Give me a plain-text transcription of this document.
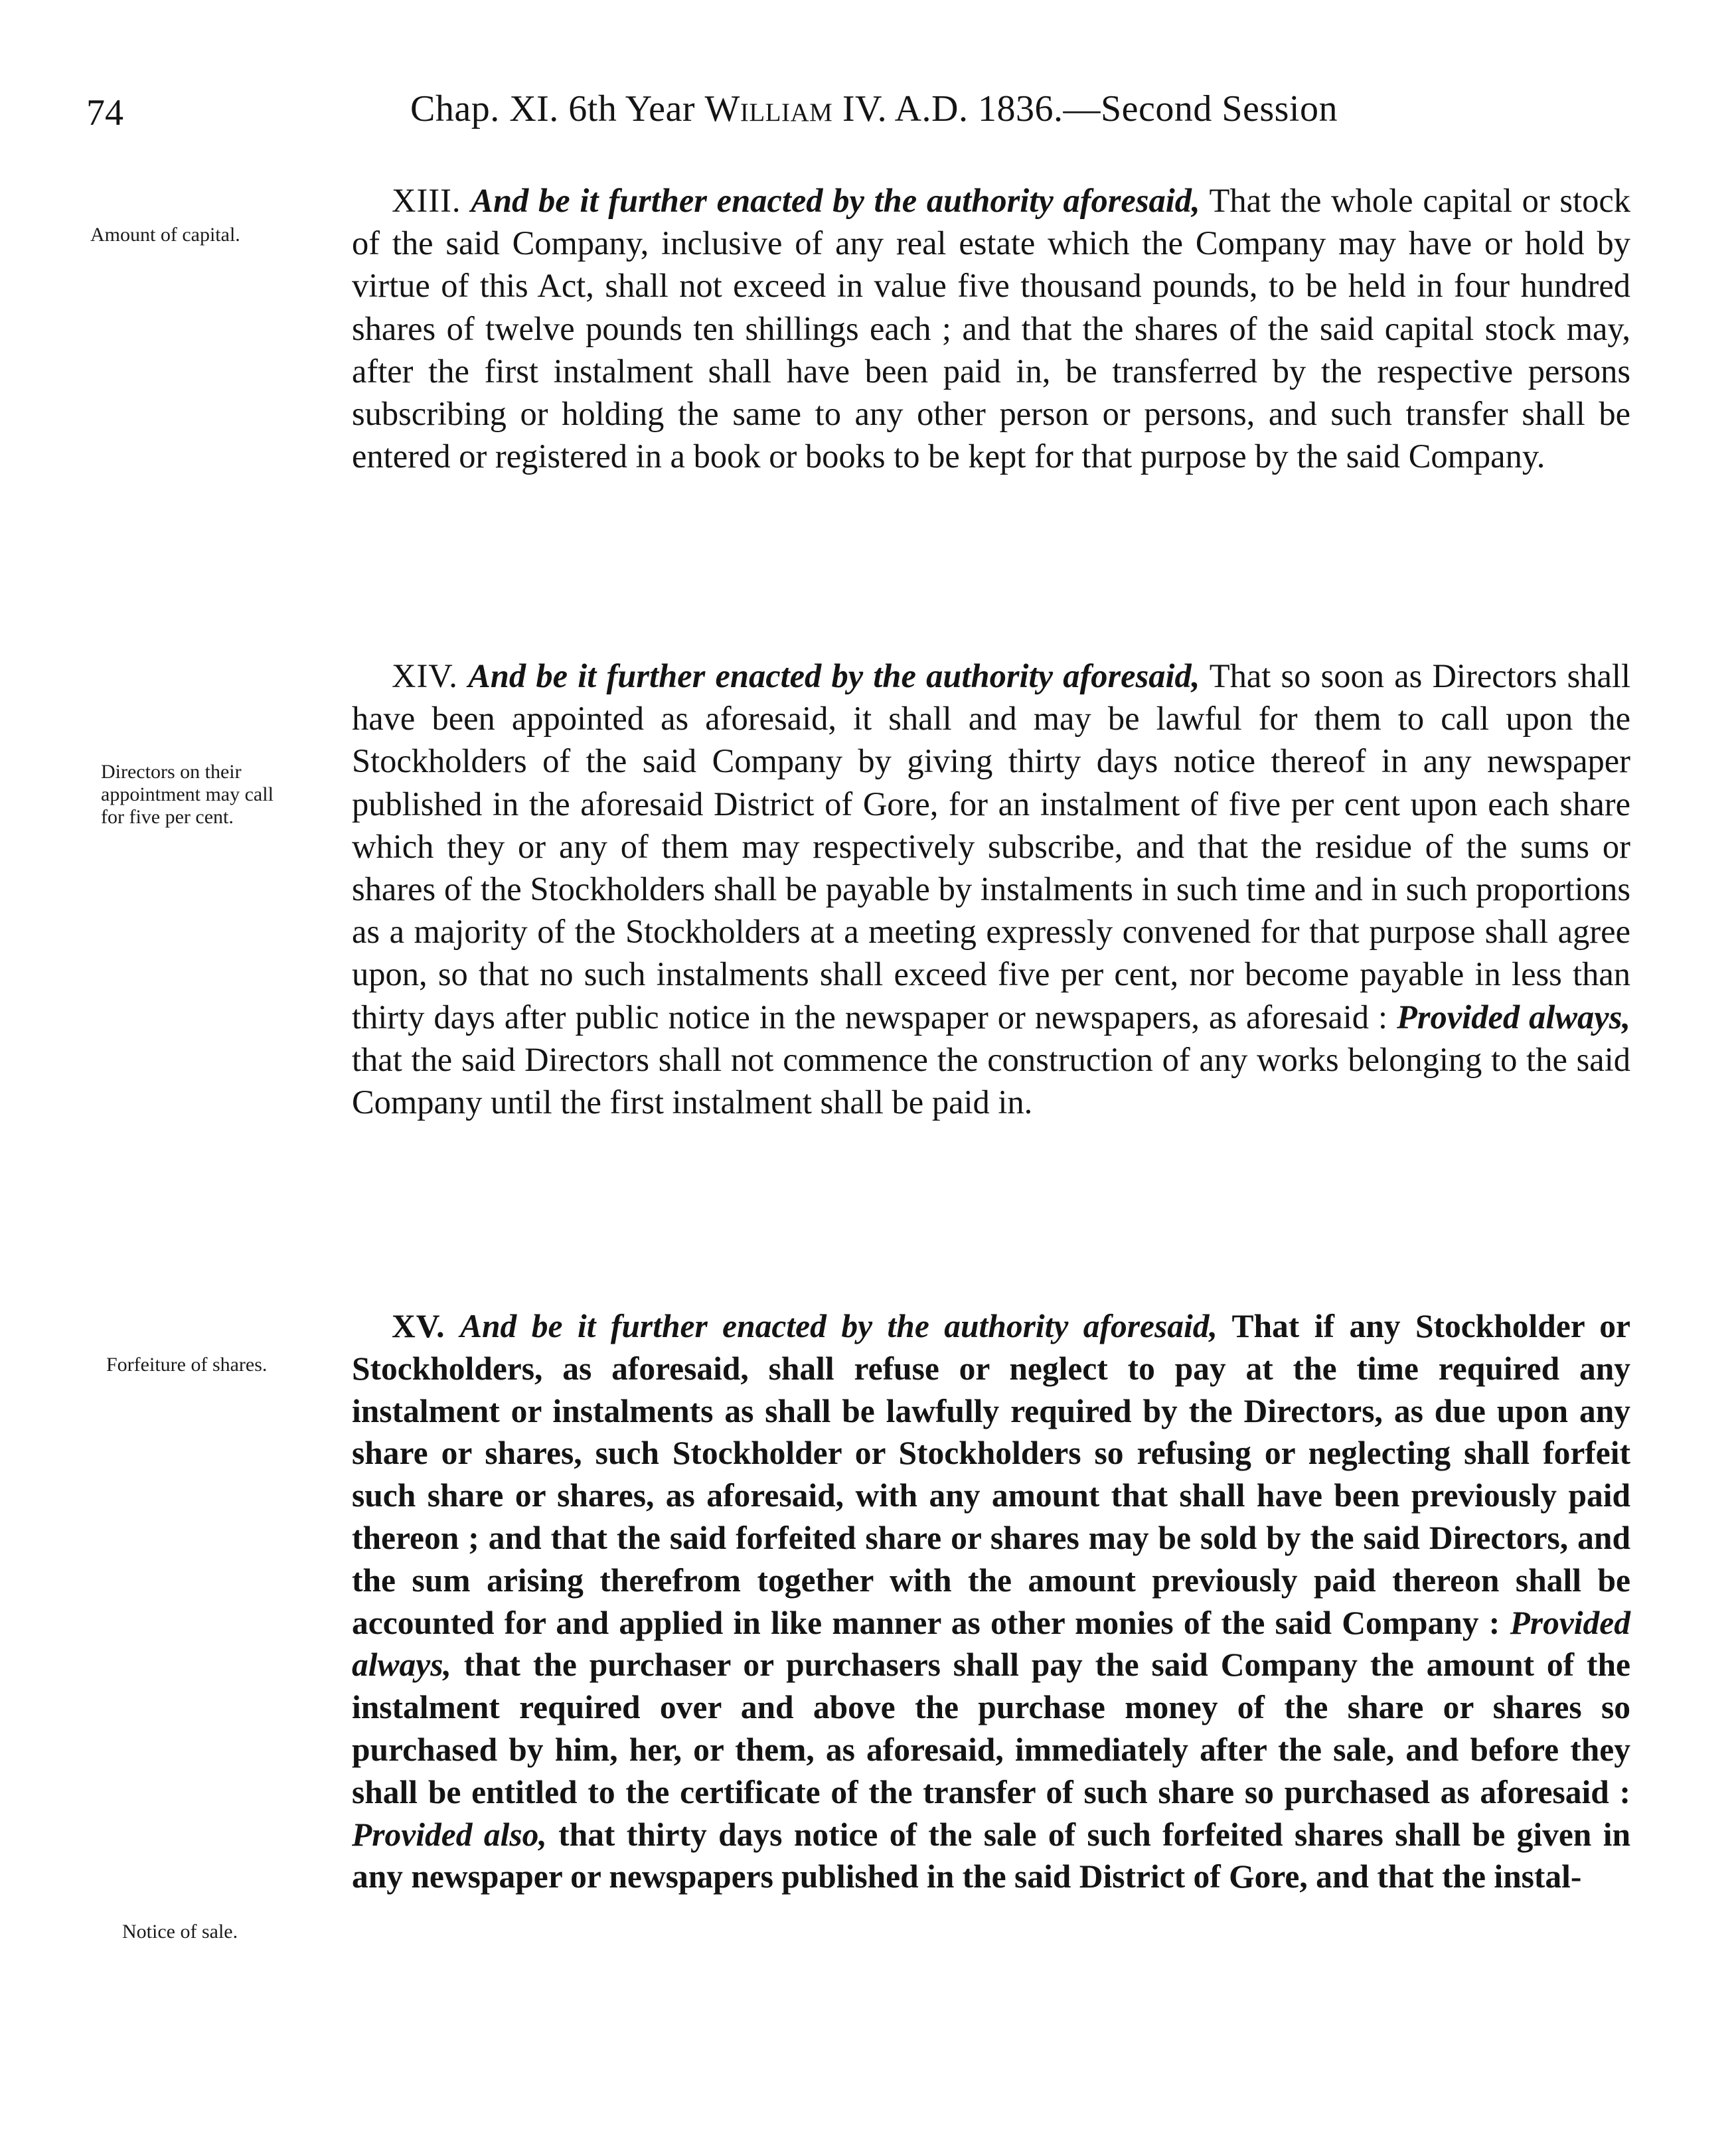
74	Chap. XI. 6th Year William IV. A.D. 1836.—Second Session
Amount of capital.
Directors on their
appointment may call
for five per cent.
Forfeiture of shares.
Notice of sale.

XIII. And be it further enacted by the authority aforesaid, That the whole capital or stock of the said Company, inclusive of any real estate which the Company may have or hold by virtue of this Act, shall not exceed in value five thousand pounds, to be held in four hundred shares of twelve pounds ten shillings each ; and that the shares of the said capital stock may, after the first instalment shall have been paid in, be transferred by the respective persons subscribing or holding the same to any other person or persons, and such transfer shall be entered or registered in a book or books to be kept for that purpose by the said Company.

XIV. And be it further enacted by the authority aforesaid, That so soon as Directors shall have been appointed as aforesaid, it shall and may be lawful for them to call upon the Stockholders of the said Company by giving thirty days notice thereof in any newspaper published in the aforesaid District of Gore, for an instalment of five per cent upon each share which they or any of them may respectively subscribe, and that the residue of the sums or shares of the Stockholders shall be payable by instalments in such time and in such proportions as a majority of the Stockholders at a meeting expressly convened for that purpose shall agree upon, so that no such instalments shall exceed five per cent, nor become payable in less than thirty days after public notice in the newspaper or newspapers, as aforesaid : Provided always, that the said Directors shall not commence the construction of any works belonging to the said Company until the first instalment shall be paid in.

XV. And be it further enacted by the authority aforesaid, That if any Stockholder or Stockholders, as aforesaid, shall refuse or neglect to pay at the time required any instalment or instalments as shall be lawfully required by the Directors, as due upon any share or shares, such Stockholder or Stockholders so refusing or neglecting shall forfeit such share or shares, as aforesaid, with any amount that shall have been previously paid thereon ; and that the said forfeited share or shares may be sold by the said Directors, and the sum arising therefrom together with the amount previously paid thereon shall be accounted for and applied in like manner as other monies of the said Company : Provided always, that the purchaser or purchasers shall pay the said Company the amount of the instalment required over and above the purchase money of the share or shares so purchased by him, her, or them, as aforesaid, immediately after the sale, and before they shall be entitled to the certificate of the transfer of such share so purchased as aforesaid : Provided also, that thirty days notice of the sale of such forfeited shares shall be given in any newspaper or newspapers published in the said District of Gore, and that the instal-
